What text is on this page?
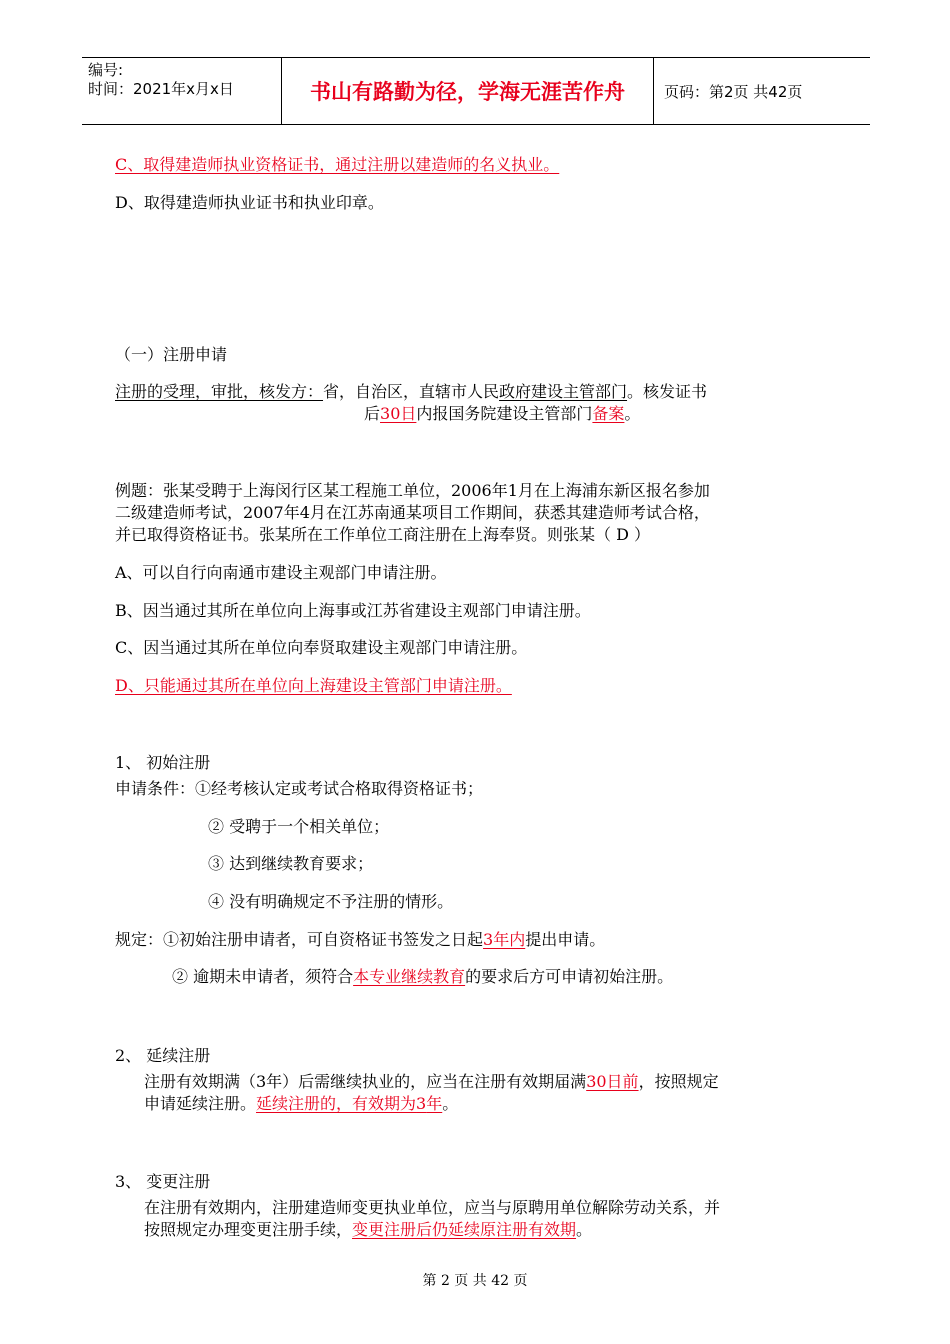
编号:
时间：2021年x月x日	书山有路勤为径，学海无涯苦作舟	页码：第2页 共42页
C、取得建造师执业资格证书，通过注册以建造师的名义执业。
D、取得建造师执业证书和执业印章。
（一）注册申请
注册的受理，审批，核发方：省，自治区，直辖市人民政府建设主管部门。核发证书
后30日内报国务院建设主管部门备案。
例题：张某受聘于上海闵行区某工程施工单位，2006年1月在上海浦东新区报名参加
二级建造师考试，2007年4月在江苏南通某项目工作期间，获悉其建造师考试合格，
并已取得资格证书。张某所在工作单位工商注册在上海奉贤。则张某（ D ）
A、可以自行向南通市建设主观部门申请注册。
B、因当通过其所在单位向上海事或江苏省建设主观部门申请注册。
C、因当通过其所在单位向奉贤取建设主观部门申请注册。
D、只能通过其所在单位向上海建设主管部门申请注册。
1、 初始注册
申请条件：①经考核认定或考试合格取得资格证书；
② 受聘于一个相关单位；
③ 达到继续教育要求；
④ 没有明确规定不予注册的情形。
规定：①初始注册申请者，可自资格证书签发之日起3年内提出申请。
② 逾期未申请者，须符合本专业继续教育的要求后方可申请初始注册。
2、 延续注册
注册有效期满（3年）后需继续执业的，应当在注册有效期届满30日前，按照规定
申请延续注册。延续注册的，有效期为3年。
3、 变更注册
在注册有效期内，注册建造师变更执业单位，应当与原聘用单位解除劳动关系，并
按照规定办理变更注册手续，变更注册后仍延续原注册有效期。
第 2 页 共 42 页
